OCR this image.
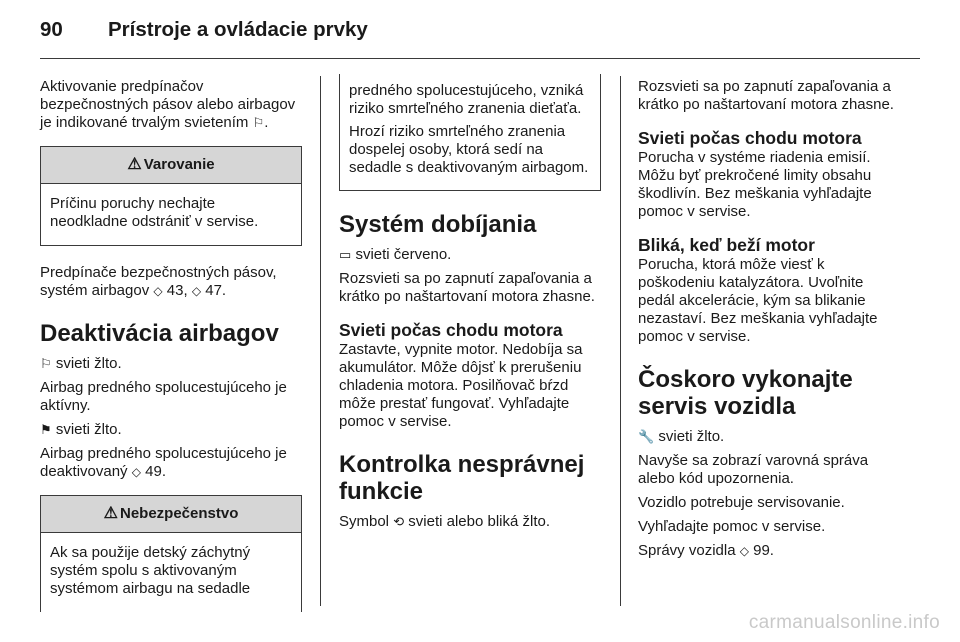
90 Prístroje a ovládacie prvky

Aktivovanie predpínačov bezpečnostných pásov alebo airbagov je indikované trvalým svietením ⚐.

⚠ Varovanie

Príčinu poruchy nechajte neodkladne odstrániť v servise.

Predpínače bezpečnostných pásov, systém airbagov ◇ 43, ◇ 47.

Deaktivácia airbagov

⚐ svieti žlto.

Airbag predného spolucestujúceho je aktívny.

⚑ svieti žlto.

Airbag predného spolucestujúceho je deaktivovaný ◇ 49.

⚠ Nebezpečenstvo

Ak sa použije detský záchytný systém spolu s aktivovaným systémom airbagu na sedadle

predného spolucestujúceho, vzniká riziko smrteľného zranenia dieťaťa.

Hrozí riziko smrteľného zranenia dospelej osoby, ktorá sedí na sedadle s deaktivovaným airbagom.

Systém dobíjania

▭ svieti červeno.

Rozsvieti sa po zapnutí zapaľovania a krátko po naštartovaní motora zhasne.

Svieti počas chodu motora

Zastavte, vypnite motor. Nedobíja sa akumulátor. Môže dôjsť k prerušeniu chladenia motora. Posilňovač bŕzd môže prestať fungovať. Vyhľadajte pomoc v servise.

Kontrolka nesprávnej funkcie

Symbol ⟲ svieti alebo bliká žlto.

Rozsvieti sa po zapnutí zapaľovania a krátko po naštartovaní motora zhasne.

Svieti počas chodu motora

Porucha v systéme riadenia emisií. Môžu byť prekročené limity obsahu škodlivín. Bez meškania vyhľadajte pomoc v servise.

Bliká, keď beží motor

Porucha, ktorá môže viesť k poškodeniu katalyzátora. Uvoľnite pedál akcelerácie, kým sa blikanie nezastaví. Bez meškania vyhľadajte pomoc v servise.

Čoskoro vykonajte servis vozidla

🔧 svieti žlto.

Navyše sa zobrazí varovná správa alebo kód upozornenia.

Vozidlo potrebuje servisovanie.

Vyhľadajte pomoc v servise.

Správy vozidla ◇ 99.

carmanualsonline.info
